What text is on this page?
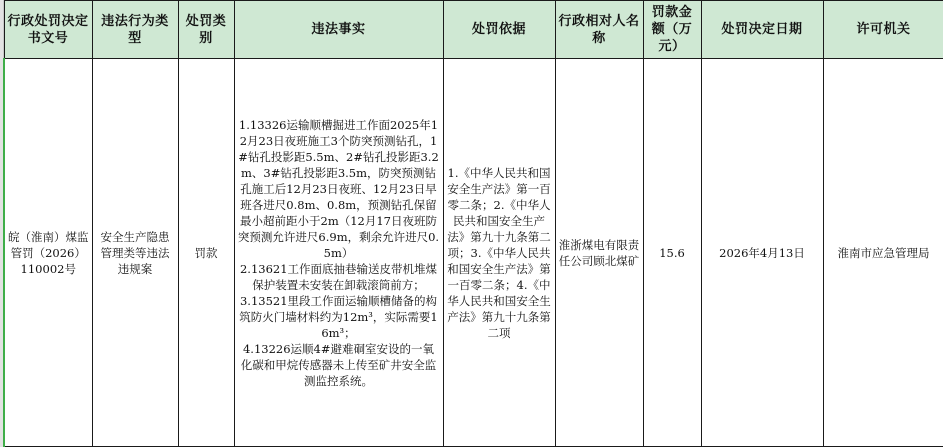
行政处罚决定书文号	违法行为类型	处罚类别	违法事实	处罚依据	行政相对人名称	罚款金额（万元）	处罚决定日期	许可机关
皖（淮南）煤监管罚（2026）110002号	安全生产隐患管理类等违法违规案	罚款	1.13326运输顺槽掘进工作面2025年12月23日夜班施工3个防突预测钻孔，1#钻孔投影距5.5m、2#钻孔投影距3.2m、3#钻孔投影距3.5m，防突预测钻孔施工后12月23日夜班、12月23日早班各进尺0.8m、0.8m，预测钻孔保留最小超前距小于2m（12月17日夜班防突预测允许进尺6.9m，剩余允许进尺0.5m）
2.13621工作面底抽巷输送皮带机堆煤保护装置未安装在卸载滚筒前方；
3.13521里段工作面运输顺槽储备的构筑防火门墙材料约为12m³，实际需要16m³；
4.13226运顺4#避难硐室安设的一氧化碳和甲烷传感器未上传至矿井安全监测监控系统。	1.《中华人民共和国安全生产法》第一百零二条；2.《中华人民共和国安全生产法》第九十九条第二项；3.《中华人民共和国安全生产法》第一百零二条；4.《中华人民共和国安全生产法》第九十九条第二项	淮浙煤电有限责任公司顾北煤矿	15.6	2026年4月13日	淮南市应急管理局
